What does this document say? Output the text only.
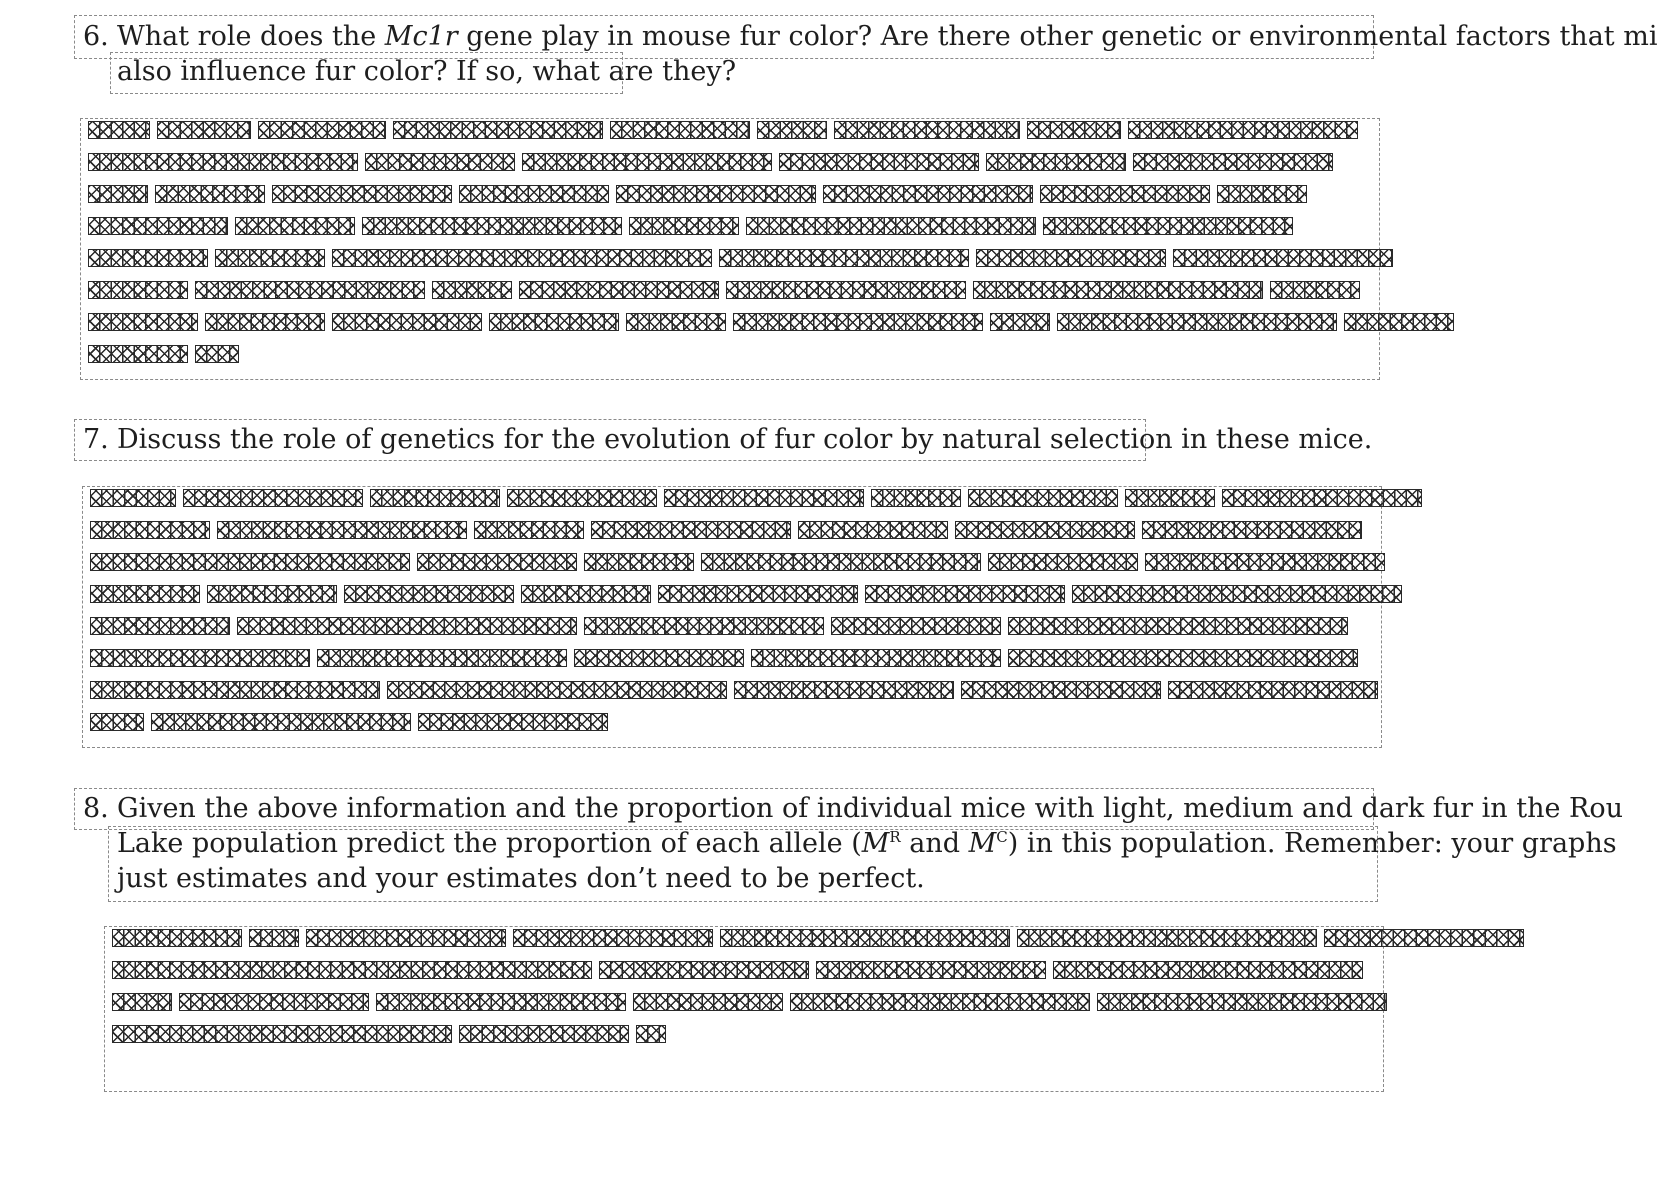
6. What role does the Mc1r gene play in mouse fur color? Are there other genetic or environmental factors that mi
also influence fur color? If so, what are they?
7. Discuss the role of genetics for the evolution of fur color by natural selection in these mice.
8. Given the above information and the proportion of individual mice with light, medium and dark fur in the Rou
Lake population predict the proportion of each allele ($M^R$ and $M^C$) in this population. Remember: your graphs
just estimates and your estimates don’t need to be perfect.
